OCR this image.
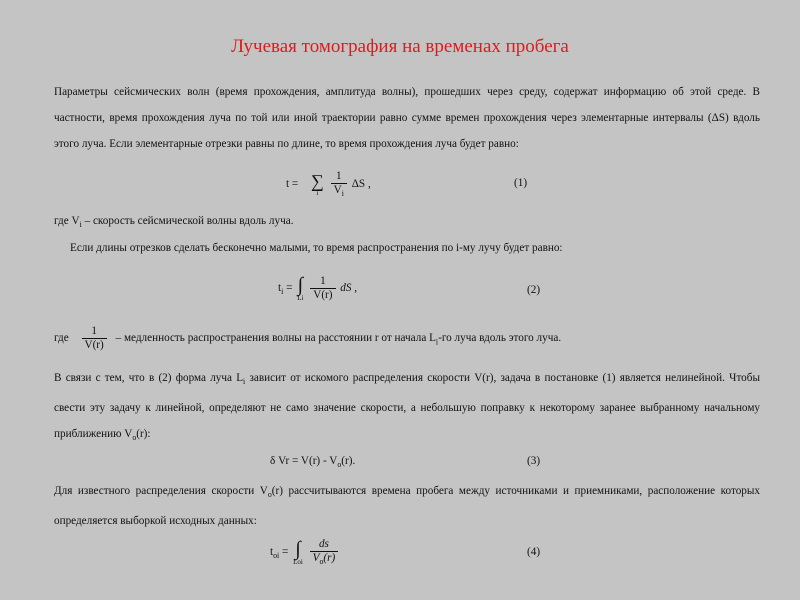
Лучевая томография на временах пробега
Параметры сейсмических волн (время прохождения, амплитуда волны), прошедших через среду, содержат информацию об этой среде. В частности, время прохождения луча по той или иной траектории равно сумме времен прохождения через элементарные интервалы (ΔS) вдоль этого луча. Если элементарные отрезки равны по длине, то время прохождения луча будет равно:
t = ∑
i
$\frac{1}{V_i}$ ΔS ,	(1)
где $V_i$ – скорость сейсмической волны вдоль луча.
Если длины отрезков сделать бесконечно малыми, то время распространения по i-му лучу будет равно:
$t_i$ = ∫
Li
$\frac{1}{V(r)}$ dS ,	(2)
где $\frac{1}{V(r)}$ – медленность распространения волны на расстоянии r от начала $L_i-го$ луча вдоль этого луча.
В связи с тем, что в (2) форма луча $L_i$ зависит от искомого распределения скорости V(r), задача в постановке (1) является нелинейной. Чтобы свести эту задачу к линейной, определяют не само значение скорости, а небольшую поправку к некоторому заранее выбранному начальному приближению $V_o(r)$:
δ $Vr = V(r) - V_o(r)$.	(3)
Для известного распределения скорости $V_o(r)$ рассчитываются времена пробега между источниками и приемниками, расположение которых определяется выборкой исходных данных:
$t_{oi}$ = ∫
Loi
$\frac{ds}{V_o(r)}$	(4)
